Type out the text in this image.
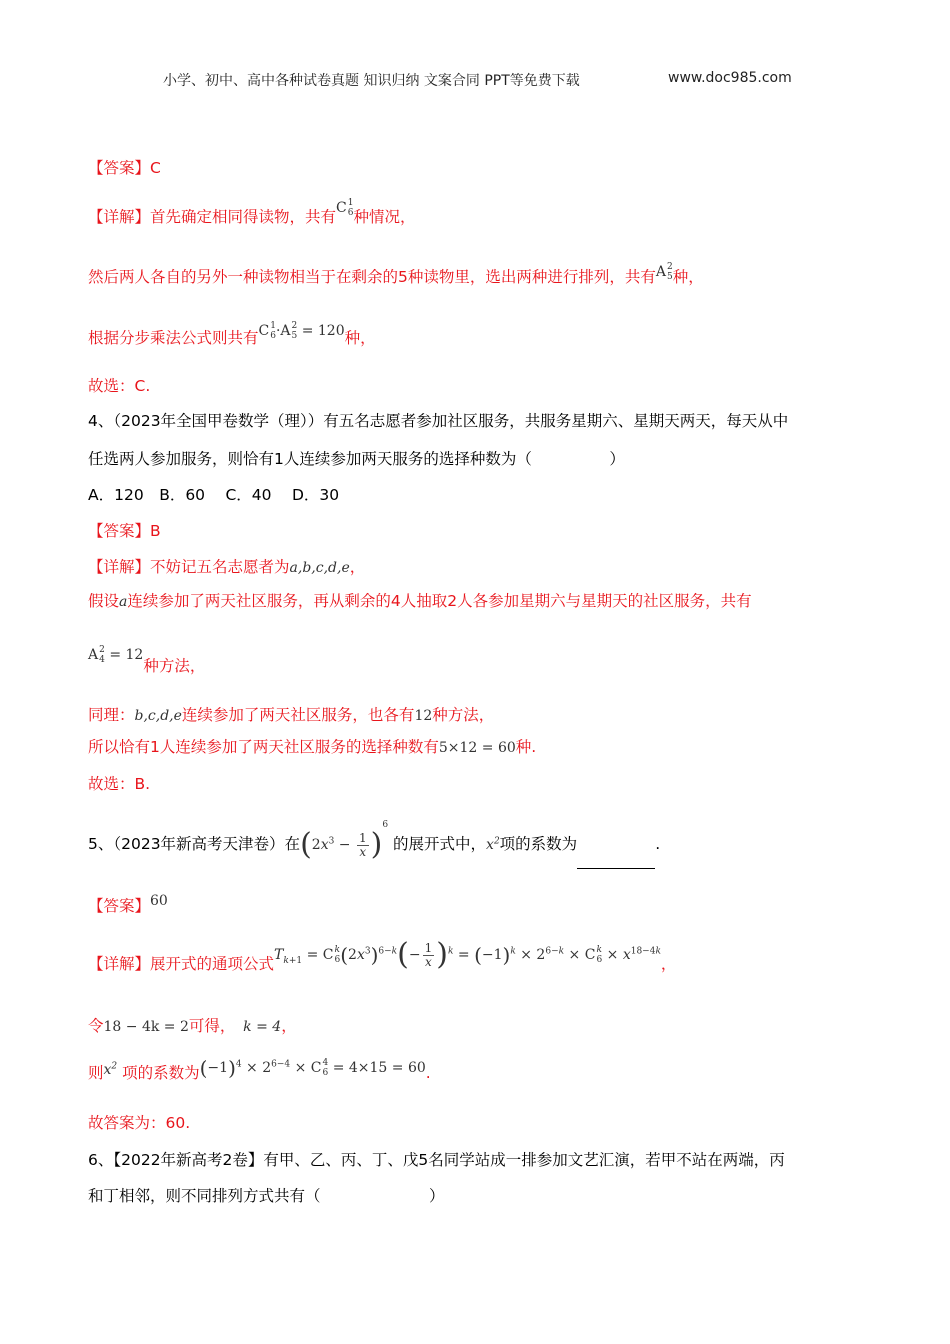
小学、初中、高中各种试卷真题 知识归纳 文案合同 PPT等免费下载	www.doc985.com
【答案】C
【详解】首先确定相同得读物，共有C 1
6 种情况，
然后两人各自的另外一种读物相当于在剩余的5种读物里，选出两种进行排列，共有A 2
5 种，
根据分步乘法公式则共有C 1
6 ·A 2
5 = 120种，
故选：C.
4、（2023年全国甲卷数学（理））有五名志愿者参加社区服务，共服务星期六、星期天两天，每天从中
任选两人参加服务，则恰有1人连续参加两天服务的选择种数为（　　　　　）
A．120　B．60　 C．40　 D．30
【答案】B
【详解】不妨记五名志愿者为a,b,c,d,e，
假设a连续参加了两天社区服务，再从剩余的4人抽取2人各参加星期六与星期天的社区服务，共有
A 2
4 = 12种方法，
同理：b,c,d,e连续参加了两天社区服务，也各有12种方法，
所以恰有1人连续参加了两天社区服务的选择种数有5×12 = 60种.
故选：B.
5、（2023年新高考天津卷）在$(2x^3 - \frac{1}{x} )^6$ 的展开式中，$x^2$项的系数为	.
【答案】60
【详解】展开式的通项公式$T_{k+1} = C$ k
6 $(2x^3)^{6-k}(- \frac{1}{x} )^k = (-1)^k \times 2^{6-k} \times C$ k
$6 \times x^{18-4k}$，
令18 − 4k = 2可得，　 k = 4，
则$x^2$ 项的系数为$(-1)^4 \times 2^{6-4} \times C$ 4
6 = 4×15 = 60.
故答案为：60.
6、【2022年新高考2卷】有甲、乙、丙、丁、戊5名同学站成一排参加文艺汇演，若甲不站在两端，丙
和丁相邻，则不同排列方式共有（　　　　　　　）
